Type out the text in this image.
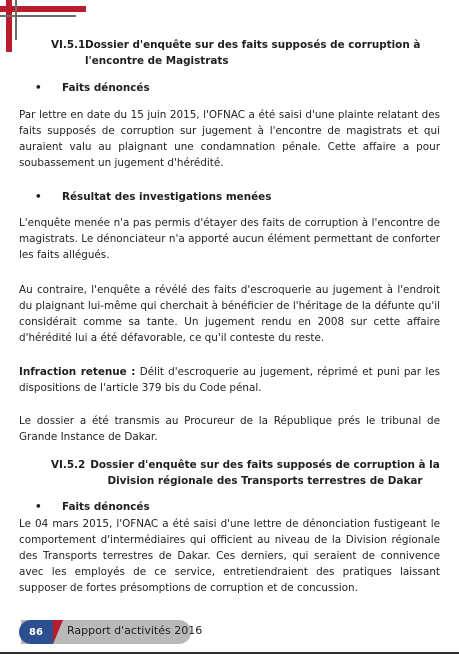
VI.5.1 Dossier d'enquête sur des faits supposés de corruption à l'encontre de Magistrats
• Faits dénoncés
Par lettre en date du 15 juin 2015, l'OFNAC a été saisi d'une plainte relatant des faits supposés de corruption sur jugement à l'encontre de magistrats et qui auraient valu au plaignant une condamnation pénale. Cette affaire a pour soubassement un jugement d'hérédité.
• Résultat des investigations menées
L'enquête menée n'a pas permis d'étayer des faits de corruption à l'encontre de magistrats. Le dénonciateur n'a apporté aucun élément permettant de conforter les faits allégués.
Au contraire, l'enquête a révélé des faits d'escroquerie au jugement à l'endroit du plaignant lui-même qui cherchait à bénéficier de l'héritage de la défunte qu'il considérait comme sa tante. Un jugement rendu en 2008 sur cette affaire d'hérédité lui a été défavorable, ce qu'il conteste du reste.
Infraction retenue : Délit d'escroquerie au jugement, réprimé et puni par les dispositions de l'article 379 bis du Code pénal.
Le dossier a été transmis au Procureur de la République prés le tribunal de Grande Instance de Dakar.
VI.5.2 Dossier d'enquête sur des faits supposés de corruption à la Division régionale des Transports terrestres de Dakar
• Faits dénoncés
Le 04 mars 2015, l'OFNAC a été saisi d'une lettre de dénonciation fustigeant le comportement d'intermédiaires qui officient au niveau de la Division régionale des Transports terrestres de Dakar. Ces derniers, qui seraient de connivence avec les employés de ce service, entretiendraient des pratiques laissant supposer de fortes présomptions de corruption et de concussion.
86	Rapport d'activités 2016
